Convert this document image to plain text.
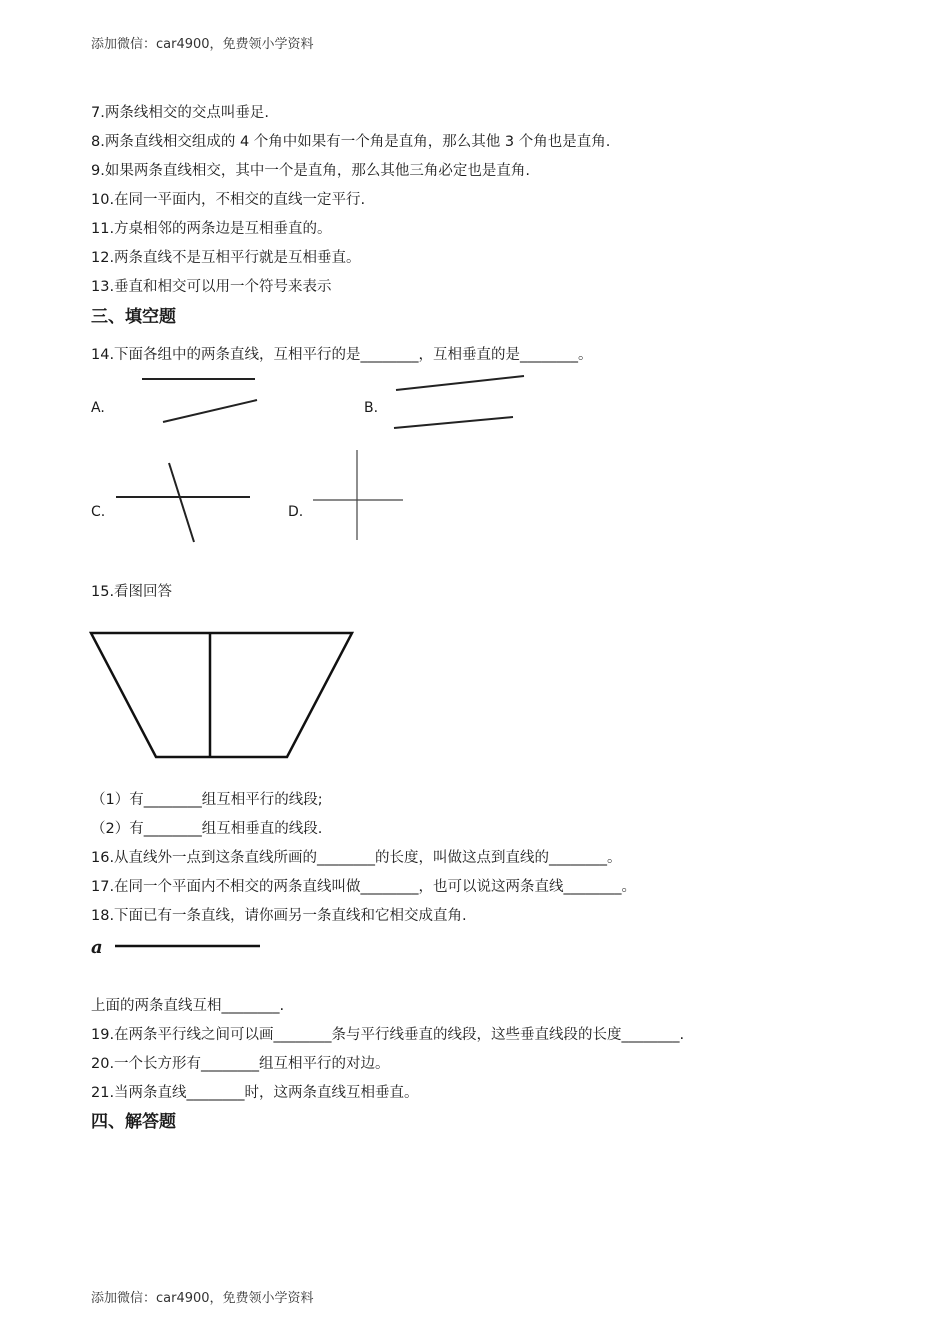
添加微信：car4900，免费领小学资料
7.两条线相交的交点叫垂足.
8.两条直线相交组成的 4 个角中如果有一个角是直角，那么其他 3 个角也是直角.
9.如果两条直线相交，其中一个是直角，那么其他三角必定也是直角.
10.在同一平面内，不相交的直线一定平行.
11.方桌相邻的两条边是互相垂直的。
12.两条直线不是互相平行就是互相垂直。
13.垂直和相交可以用一个符号来表示
三、填空题
14.下面各组中的两条直线，互相平行的是________，互相垂直的是________。
A.	B.
C.	D.
15.看图回答
（1）有________组互相平行的线段;
（2）有________组互相垂直的线段.
16.从直线外一点到这条直线所画的________的长度，叫做这点到直线的________。
17.在同一个平面内不相交的两条直线叫做________，也可以说这两条直线________。
18.下面已有一条直线，请你画另一条直线和它相交成直角.
a
上面的两条直线互相________.
19.在两条平行线之间可以画________条与平行线垂直的线段，这些垂直线段的长度________.
20.一个长方形有________组互相平行的对边。
21.当两条直线________时，这两条直线互相垂直。
四、解答题
添加微信：car4900，免费领小学资料
